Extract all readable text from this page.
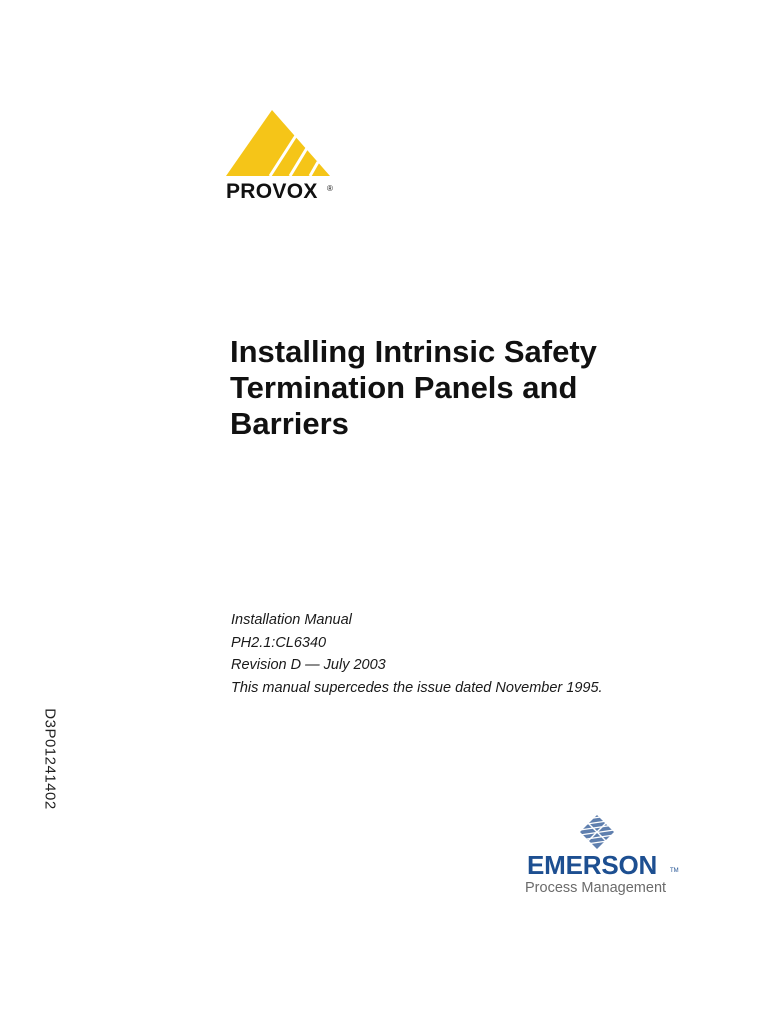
PROVOX ®
Installing Intrinsic Safety
Termination Panels and
Barriers
Installation Manual
PH2.1:CL6340
Revision D — July 2003
This manual supercedes the issue dated November 1995.
D3P01241402
EMERSON TM
Process Management
